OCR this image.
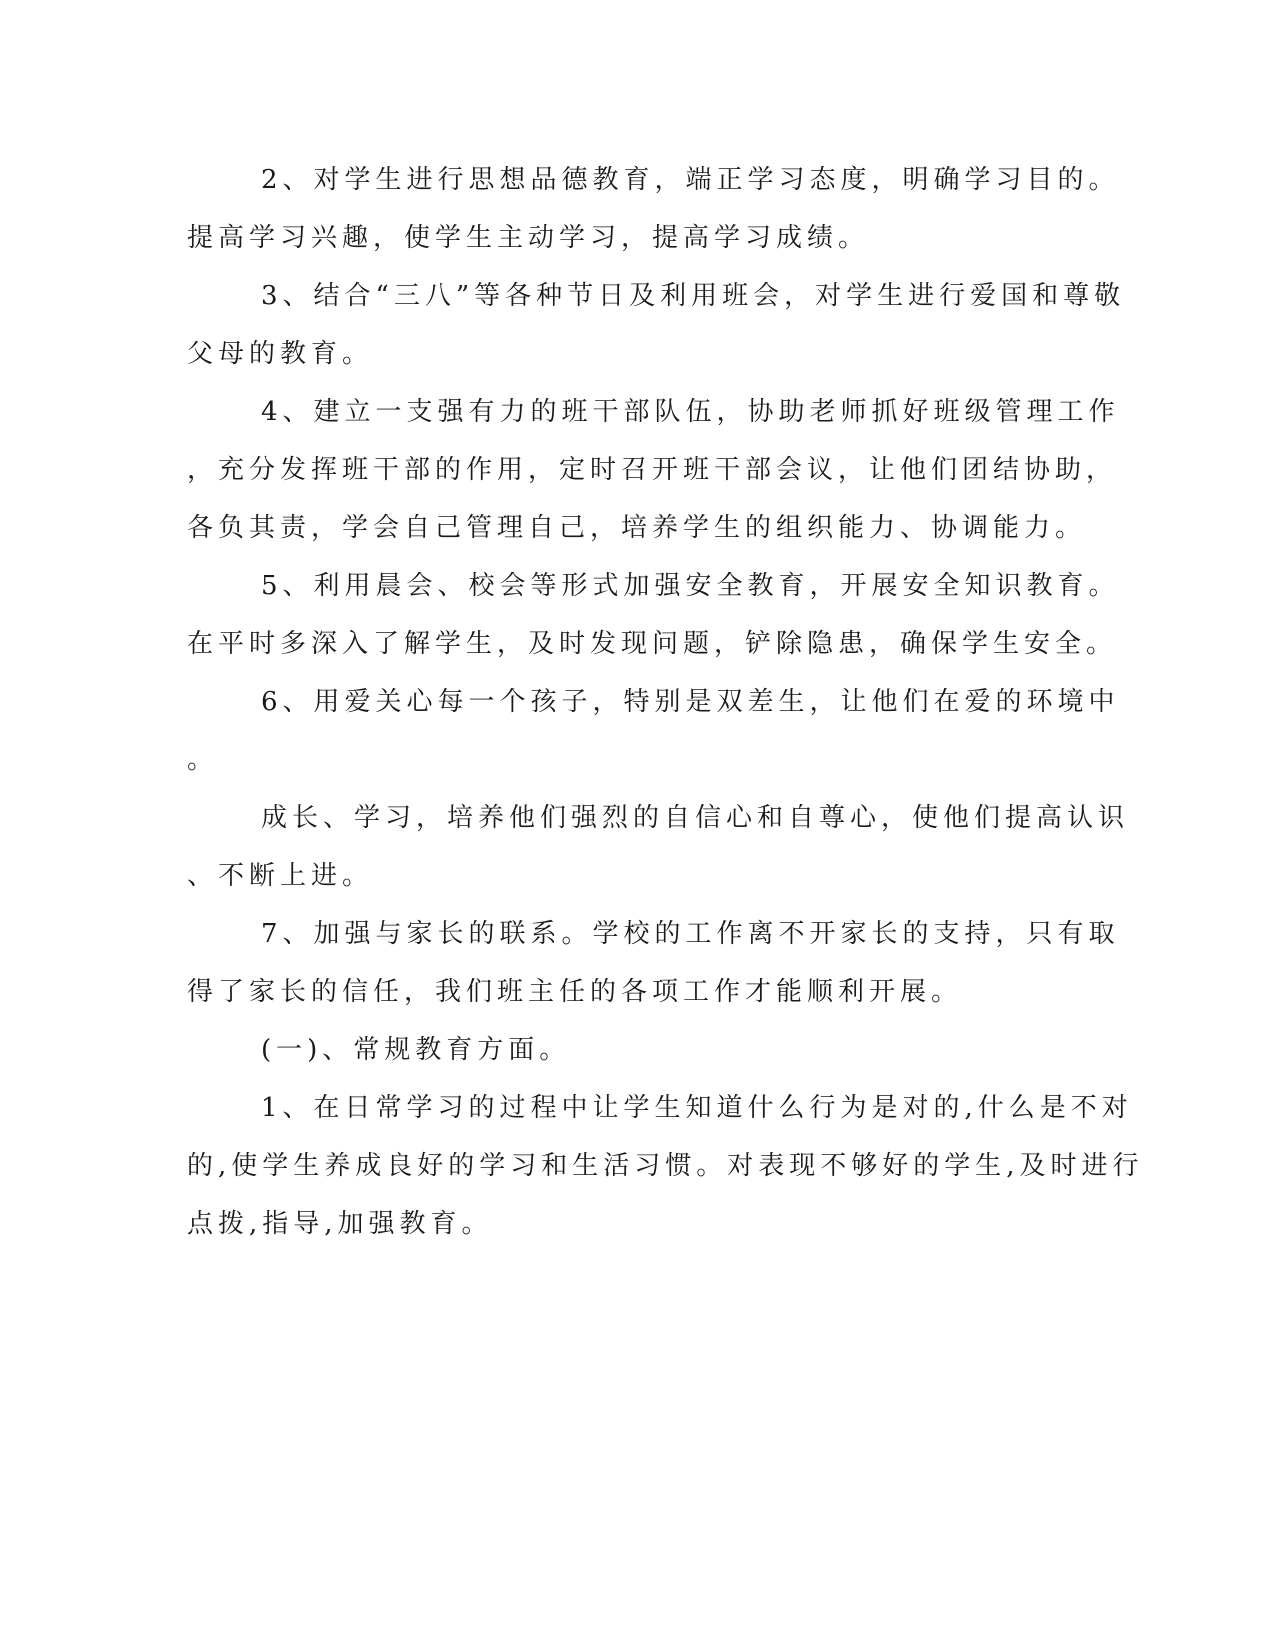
2、对学生进行思想品德教育，端正学习态度，明确学习目的。
提高学习兴趣，使学生主动学习，提高学习成绩。
3、结合“三八”等各种节日及利用班会，对学生进行爱国和尊敬
父母的教育。
4、建立一支强有力的班干部队伍，协助老师抓好班级管理工作
，充分发挥班干部的作用，定时召开班干部会议，让他们团结协助，
各负其责，学会自己管理自己，培养学生的组织能力、协调能力。
5、利用晨会、校会等形式加强安全教育，开展安全知识教育。
在平时多深入了解学生，及时发现问题，铲除隐患，确保学生安全。
6、用爱关心每一个孩子，特别是双差生，让他们在爱的环境中
。
成长、学习，培养他们强烈的自信心和自尊心，使他们提高认识
、不断上进。
7、加强与家长的联系。学校的工作离不开家长的支持，只有取
得了家长的信任，我们班主任的各项工作才能顺利开展。
(一)、常规教育方面。
1、在日常学习的过程中让学生知道什么行为是对的,什么是不对
的,使学生养成良好的学习和生活习惯。对表现不够好的学生,及时进行
点拨,指导,加强教育。
